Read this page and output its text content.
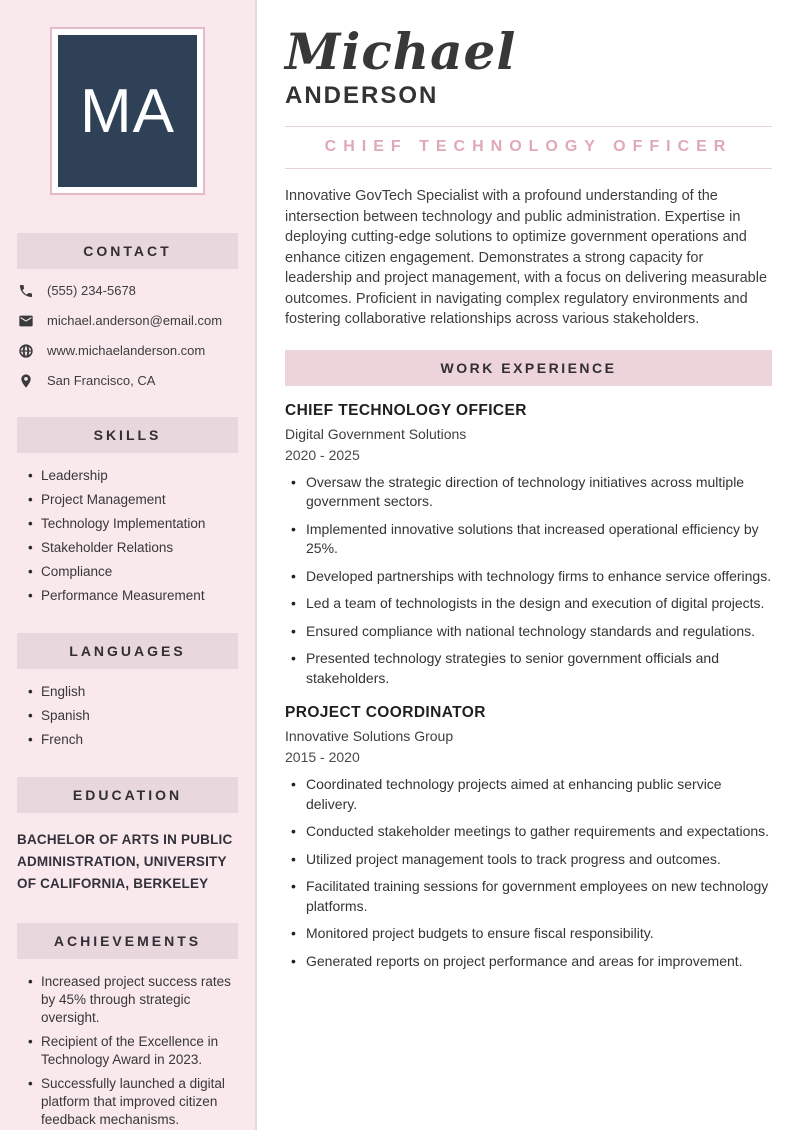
MA
CONTACT
(555) 234-5678
michael.anderson@email.com
www.michaelanderson.com
San Francisco, CA
SKILLS
• Leadership
• Project Management
• Technology Implementation
• Stakeholder Relations
• Compliance
• Performance Measurement
LANGUAGES
• English
• Spanish
• French
EDUCATION
BACHELOR OF ARTS IN PUBLIC ADMINISTRATION, UNIVERSITY OF CALIFORNIA, BERKELEY
ACHIEVEMENTS
• Increased project success rates by 45% through strategic oversight.
• Recipient of the Excellence in Technology Award in 2023.
• Successfully launched a digital platform that improved citizen feedback mechanisms.
Michael
ANDERSON
CHIEF TECHNOLOGY OFFICER

Innovative GovTech Specialist with a profound understanding of the intersection between technology and public administration. Expertise in deploying cutting-edge solutions to optimize government operations and enhance citizen engagement. Demonstrates a strong capacity for leadership and project management, with a focus on delivering measurable outcomes. Proficient in navigating complex regulatory environments and fostering collaborative relationships across various stakeholders.

WORK EXPERIENCE
CHIEF TECHNOLOGY OFFICER
Digital Government Solutions
2020 - 2025
• Oversaw the strategic direction of technology initiatives across multiple government sectors.
• Implemented innovative solutions that increased operational efficiency by 25%.
• Developed partnerships with technology firms to enhance service offerings.
• Led a team of technologists in the design and execution of digital projects.
• Ensured compliance with national technology standards and regulations.
• Presented technology strategies to senior government officials and stakeholders.
PROJECT COORDINATOR
Innovative Solutions Group
2015 - 2020
• Coordinated technology projects aimed at enhancing public service delivery.
• Conducted stakeholder meetings to gather requirements and expectations.
• Utilized project management tools to track progress and outcomes.
• Facilitated training sessions for government employees on new technology platforms.
• Monitored project budgets to ensure fiscal responsibility.
• Generated reports on project performance and areas for improvement.
